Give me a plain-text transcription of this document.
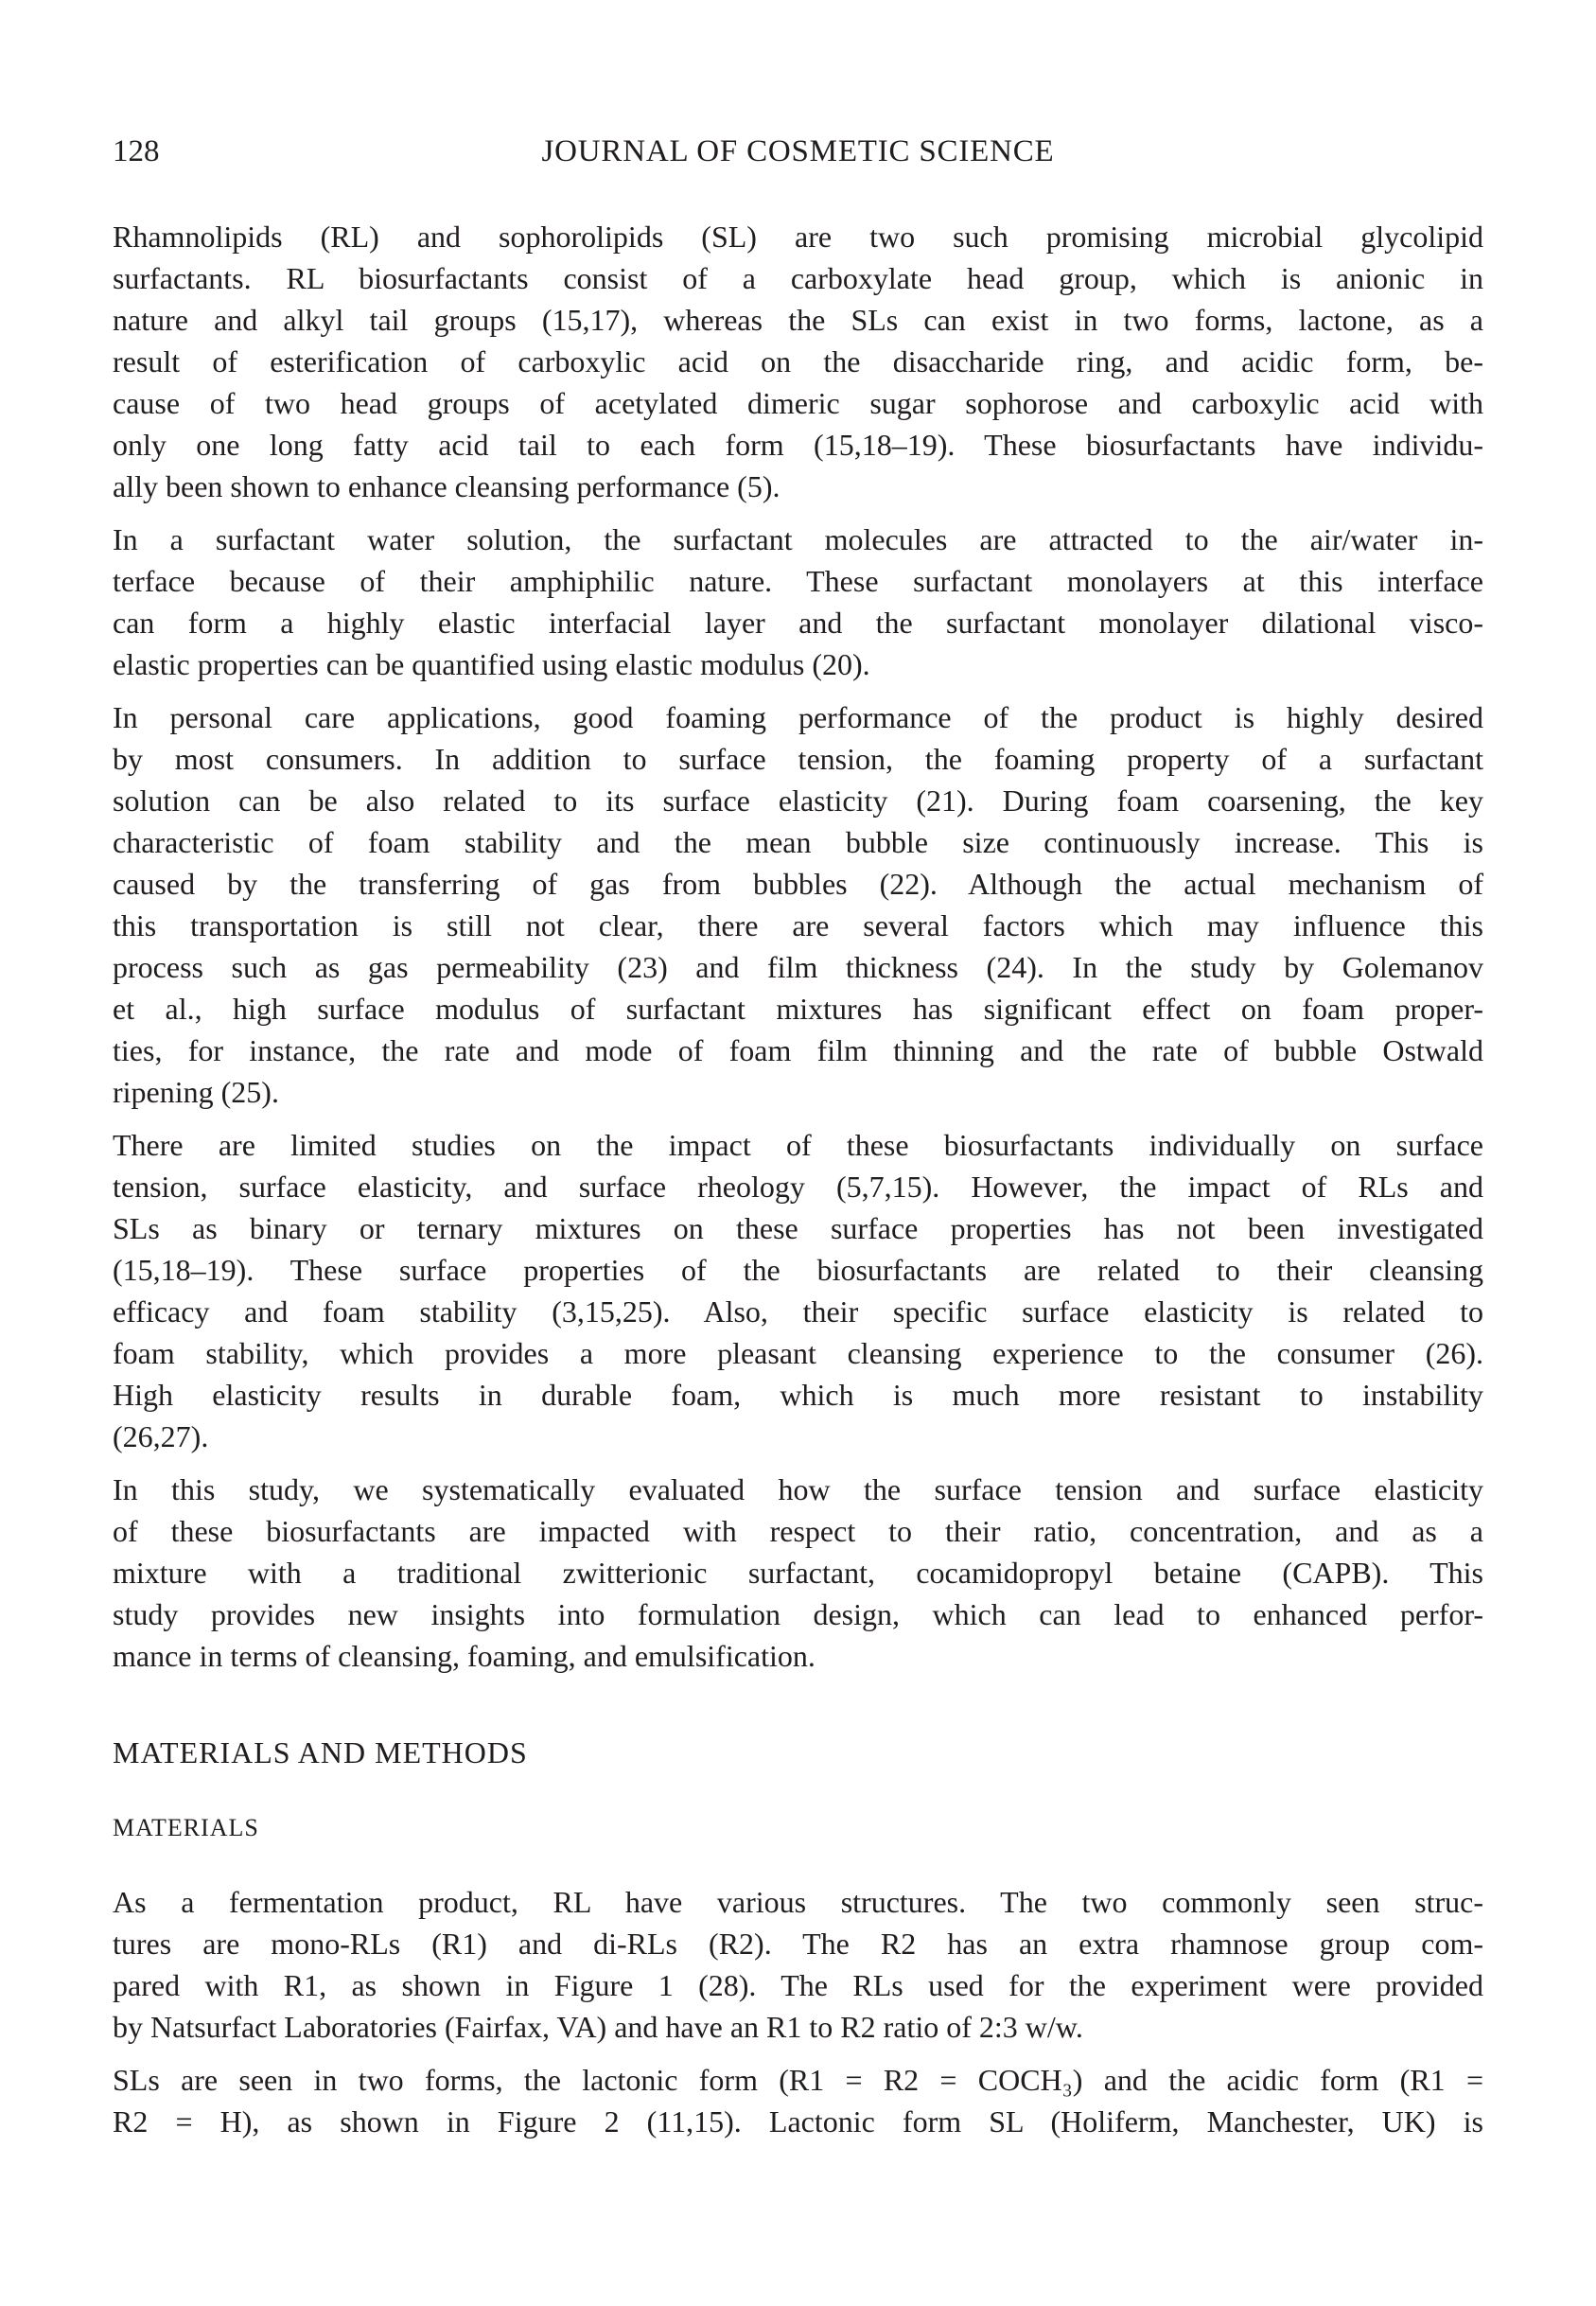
128	JOURNAL OF COSMETIC SCIENCE
Rhamnolipids (RL) and sophorolipids (SL) are two such promising microbial glycolipid
surfactants. RL biosurfactants consist of a carboxylate head group, which is anionic in
nature and alkyl tail groups (15,17), whereas the SLs can exist in two forms, lactone, as a
result of esterification of carboxylic acid on the disaccharide ring, and acidic form, be-
cause of two head groups of acetylated dimeric sugar sophorose and carboxylic acid with
only one long fatty acid tail to each form (15,18–19). These biosurfactants have individu-
ally been shown to enhance cleansing performance (5).
In a surfactant water solution, the surfactant molecules are attracted to the air/water in-
terface because of their amphiphilic nature. These surfactant monolayers at this interface
can form a highly elastic interfacial layer and the surfactant monolayer dilational visco-
elastic properties can be quantified using elastic modulus (20).
In personal care applications, good foaming performance of the product is highly desired
by most consumers. In addition to surface tension, the foaming property of a surfactant
solution can be also related to its surface elasticity (21). During foam coarsening, the key
characteristic of foam stability and the mean bubble size continuously increase. This is
caused by the transferring of gas from bubbles (22). Although the actual mechanism of
this transportation is still not clear, there are several factors which may influence this
process such as gas permeability (23) and film thickness (24). In the study by Golemanov
et al., high surface modulus of surfactant mixtures has significant effect on foam proper-
ties, for instance, the rate and mode of foam film thinning and the rate of bubble Ostwald
ripening (25).
There are limited studies on the impact of these biosurfactants individually on surface
tension, surface elasticity, and surface rheology (5,7,15). However, the impact of RLs and
SLs as binary or ternary mixtures on these surface properties has not been investigated
(15,18–19). These surface properties of the biosurfactants are related to their cleansing
efficacy and foam stability (3,15,25). Also, their specific surface elasticity is related to
foam stability, which provides a more pleasant cleansing experience to the consumer (26).
High elasticity results in durable foam, which is much more resistant to instability
(26,27).
In this study, we systematically evaluated how the surface tension and surface elasticity
of these biosurfactants are impacted with respect to their ratio, concentration, and as a
mixture with a traditional zwitterionic surfactant, cocamidopropyl betaine (CAPB). This
study provides new insights into formulation design, which can lead to enhanced perfor-
mance in terms of cleansing, foaming, and emulsification.
MATERIALS AND METHODS
MATERIALS
As a fermentation product, RL have various structures. The two commonly seen struc-
tures are mono-RLs (R1) and di-RLs (R2). The R2 has an extra rhamnose group com-
pared with R1, as shown in Figure 1 (28). The RLs used for the experiment were provided
by Natsurfact Laboratories (Fairfax, VA) and have an R1 to R2 ratio of 2:3 w/w.
SLs are seen in two forms, the lactonic form (R1 = R2 = COCH₃) and the acidic form (R1 =
R2 = H), as shown in Figure 2 (11,15). Lactonic form SL (Holiferm, Manchester, UK) is
